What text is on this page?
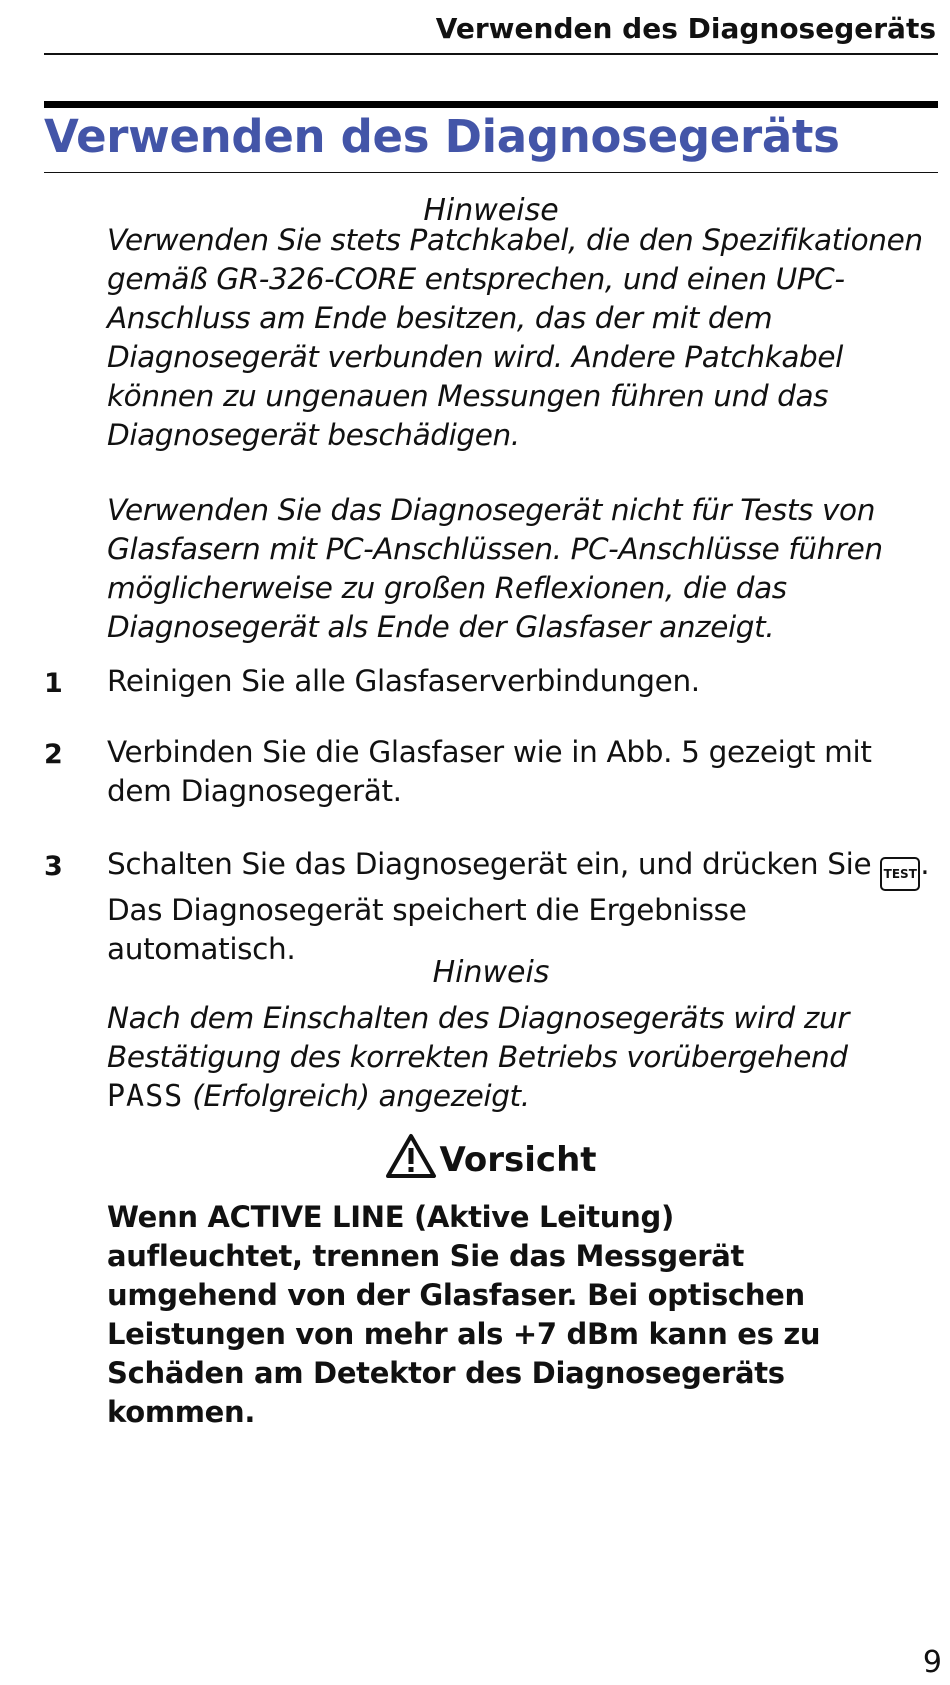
Verwenden des Diagnosegeräts
Verwenden des Diagnosegeräts
Hinweise

Verwenden Sie stets Patchkabel, die den Spezifikationen gemäß GR-326-CORE entsprechen, und einen UPC-Anschluss am Ende besitzen, das der mit dem Diagnosegerät verbunden wird. Andere Patchkabel können zu ungenauen Messungen führen und das Diagnosegerät beschädigen.

Verwenden Sie das Diagnosegerät nicht für Tests von Glasfasern mit PC-Anschlüssen. PC-Anschlüsse führen möglicherweise zu großen Reflexionen, die das Diagnosegerät als Ende der Glasfaser anzeigt.

1 Reinigen Sie alle Glasfaserverbindungen.

2 Verbinden Sie die Glasfaser wie in Abb. 5 gezeigt mit dem Diagnosegerät.

3 Schalten Sie das Diagnosegerät ein, und drücken Sie TEST . Das Diagnosegerät speichert die Ergebnisse automatisch.

Hinweis

Nach dem Einschalten des Diagnosegeräts wird zur Bestätigung des korrekten Betriebs vorübergehend PASS (Erfolgreich) angezeigt.

Vorsicht

Wenn ACTIVE LINE (Aktive Leitung) aufleuchtet, trennen Sie das Messgerät umgehend von der Glasfaser. Bei optischen Leistungen von mehr als +7 dBm kann es zu Schäden am Detektor des Diagnosegeräts kommen.

9
